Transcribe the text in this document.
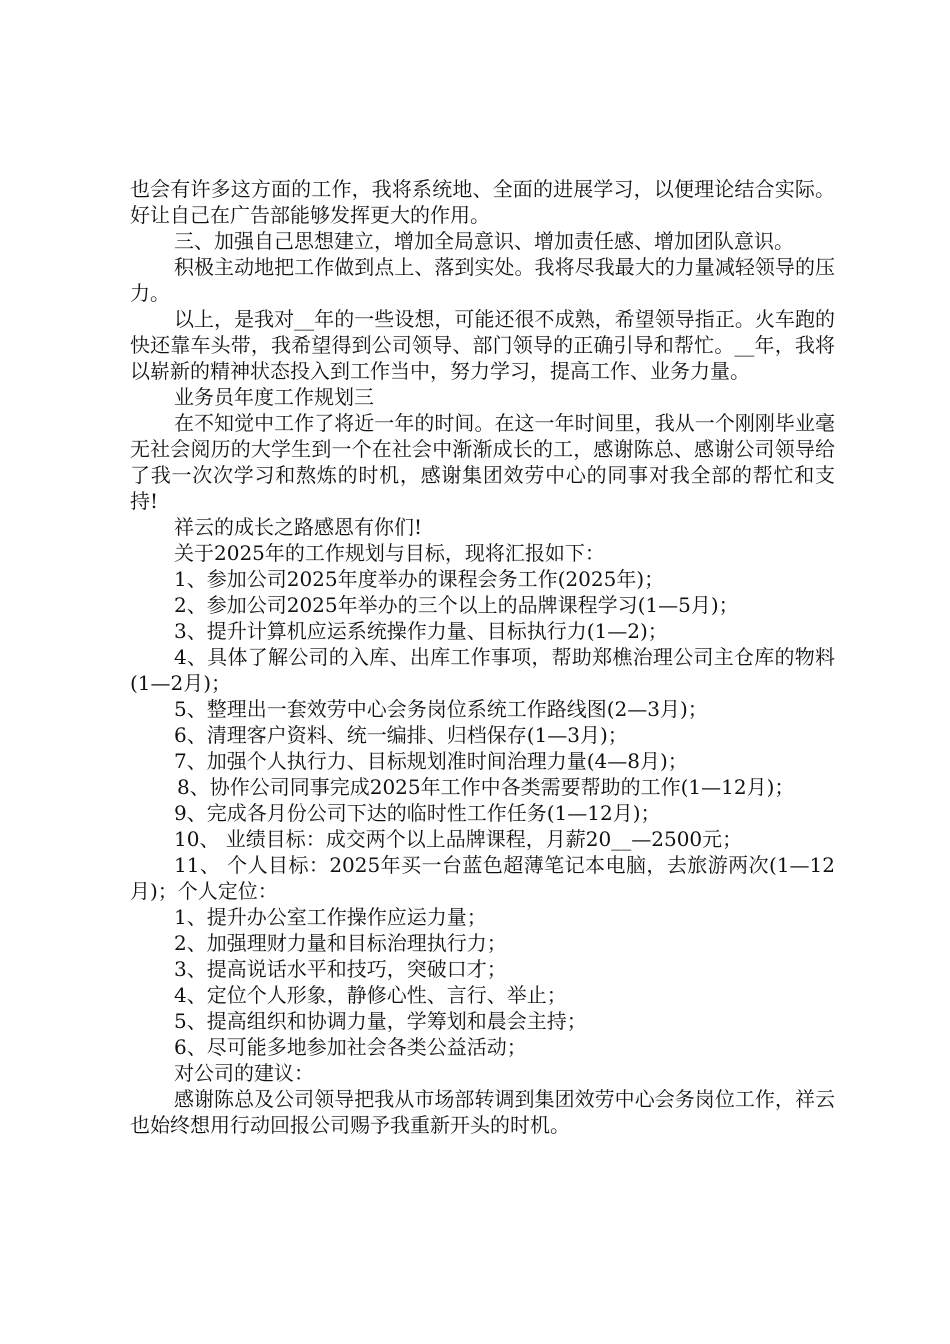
也会有许多这方面的工作，我将系统地、全面的进展学习，以便理论结合实际。好让自己在广告部能够发挥更大的作用。

三、加强自己思想建立，增加全局意识、增加责任感、增加团队意识。

积极主动地把工作做到点上、落到实处。我将尽我最大的力量减轻领导的压力。

以上，是我对__年的一些设想，可能还很不成熟，希望领导指正。火车跑的快还靠车头带，我希望得到公司领导、部门领导的正确引导和帮忙。__年，我将以崭新的精神状态投入到工作当中，努力学习，提高工作、业务力量。

业务员年度工作规划三

在不知觉中工作了将近一年的时间。在这一年时间里，我从一个刚刚毕业毫无社会阅历的大学生到一个在社会中渐渐成长的工，感谢陈总、感谢公司领导给了我一次次学习和熬炼的时机，感谢集团效劳中心的同事对我全部的帮忙和支持!

祥云的成长之路感恩有你们!

关于2025年的工作规划与目标，现将汇报如下：

1、参加公司2025年度举办的课程会务工作(2025年)；

2、参加公司2025年举办的三个以上的品牌课程学习(1—5月)；

3、提升计算机应运系统操作力量、目标执行力(1—2)；

4、具体了解公司的入库、出库工作事项，帮助郑樵治理公司主仓库的物料(1—2月)；

5、整理出一套效劳中心会务岗位系统工作路线图(2—3月)；

6、清理客户资料、统一编排、归档保存(1—3月)；

7、加强个人执行力、目标规划准时间治理力量(4—8月)；

8、协作公司同事完成2025年工作中各类需要帮助的工作(1—12月)；

9、完成各月份公司下达的临时性工作任务(1—12月)；

10、 业绩目标：成交两个以上品牌课程，月薪20__—2500元；

11、 个人目标：2025年买一台蓝色超薄笔记本电脑，去旅游两次(1—12月)；个人定位：

1、提升办公室工作操作应运力量；

2、加强理财力量和目标治理执行力；

3、提高说话水平和技巧，突破口才；

4、定位个人形象，静修心性、言行、举止；

5、提高组织和协调力量，学筹划和晨会主持；

6、尽可能多地参加社会各类公益活动；

对公司的建议：

感谢陈总及公司领导把我从市场部转调到集团效劳中心会务岗位工作，祥云也始终想用行动回报公司赐予我重新开头的时机。
